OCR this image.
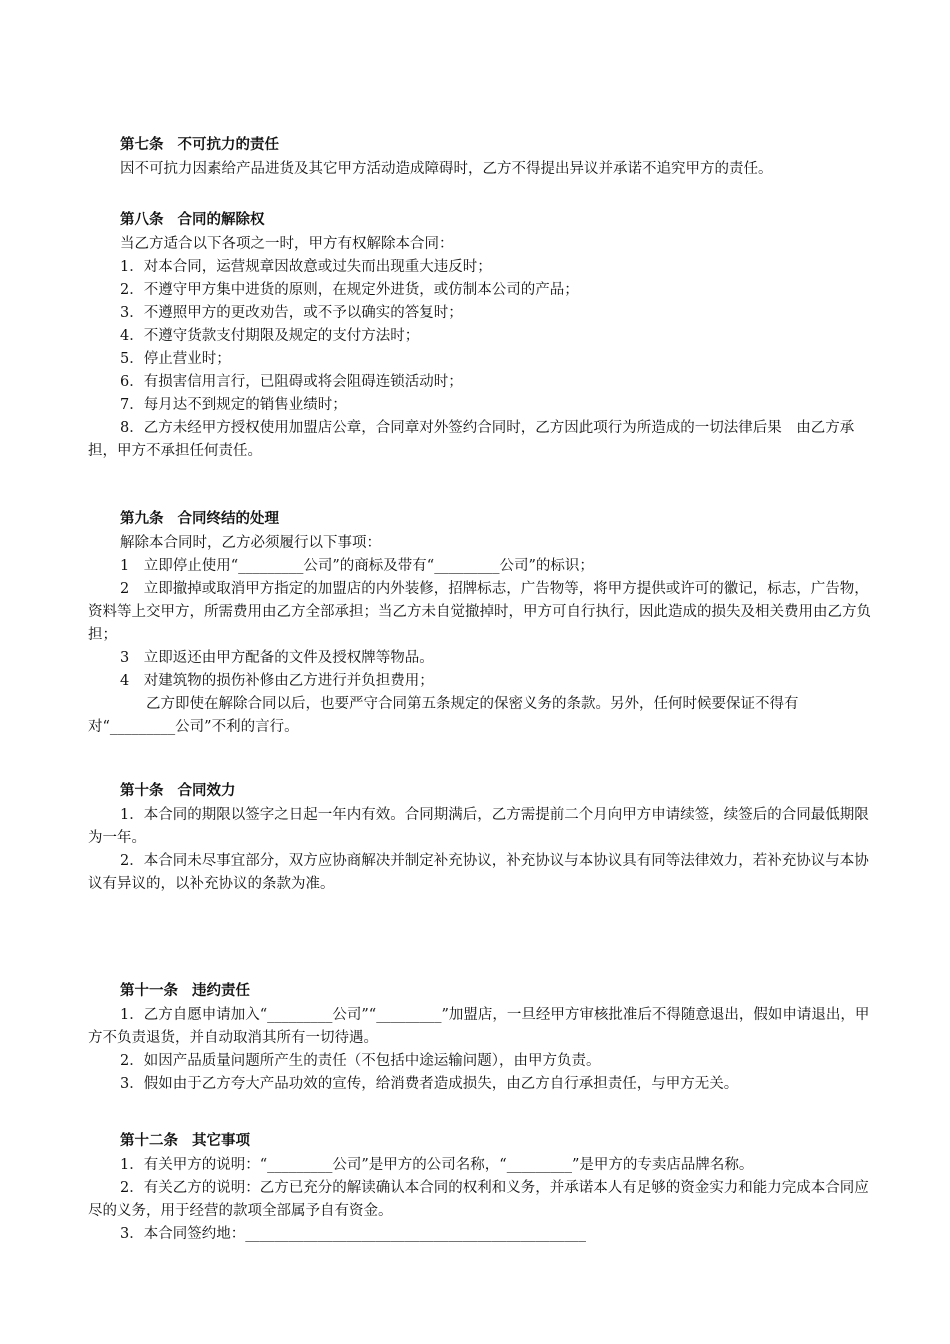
第七条 不可抗力的责任

因不可抗力因素给产品进货及其它甲方活动造成障碍时，乙方不得提出异议并承诺不追究甲方的责任。

第八条 合同的解除权

当乙方适合以下各项之一时，甲方有权解除本合同：

1．对本合同，运营规章因故意或过失而出现重大违反时；

2．不遵守甲方集中进货的原则，在规定外进货，或仿制本公司的产品；

3．不遵照甲方的更改劝告，或不予以确实的答复时；

4．不遵守货款支付期限及规定的支付方法时；

5．停止营业时；

6．有损害信用言行，已阻碍或将会阻碍连锁活动时；

7．每月达不到规定的销售业绩时；

8．乙方未经甲方授权使用加盟店公章，合同章对外签约合同时，乙方因此项行为所造成的一切法律后果　由乙方承担，甲方不承担任何责任。

第九条 合同终结的处理

解除本合同时，乙方必须履行以下事项：

1　立即停止使用“_________公司”的商标及带有“_________公司”的标识；

2　立即撤掉或取消甲方指定的加盟店的内外装修，招牌标志，广告物等，将甲方提供或许可的徽记，标志，广告物，资料等上交甲方，所需费用由乙方全部承担；当乙方未自觉撤掉时，甲方可自行执行，因此造成的损失及相关费用由乙方负担；

3　立即返还由甲方配备的文件及授权牌等物品。

4　对建筑物的损伤补修由乙方进行并负担费用；

乙方即使在解除合同以后，也要严守合同第五条规定的保密义务的条款。另外，任何时候要保证不得有对“_________公司”不利的言行。

第十条 合同效力

1．本合同的期限以签字之日起一年内有效。合同期满后，乙方需提前二个月向甲方申请续签，续签后的合同最低期限为一年。

2．本合同未尽事宜部分，双方应协商解决并制定补充协议，补充协议与本协议具有同等法律效力，若补充协议与本协议有异议的，以补充协议的条款为准。

第十一条 违约责任

1．乙方自愿申请加入“_________公司”“_________”加盟店，一旦经甲方审核批准后不得随意退出，假如申请退出，甲方不负责退货，并自动取消其所有一切待遇。

2．如因产品质量问题所产生的责任（不包括中途运输问题），由甲方负责。

3．假如由于乙方夸大产品功效的宣传，给消费者造成损失，由乙方自行承担责任，与甲方无关。

第十二条 其它事项

1．有关甲方的说明：“_________公司”是甲方的公司名称，“_________”是甲方的专卖店品牌名称。

2．有关乙方的说明：乙方已充分的解读确认本合同的权利和义务，并承诺本人有足够的资金实力和能力完成本合同应尽的义务，用于经营的款项全部属予自有资金。

3．本合同签约地：_______________________________________________
